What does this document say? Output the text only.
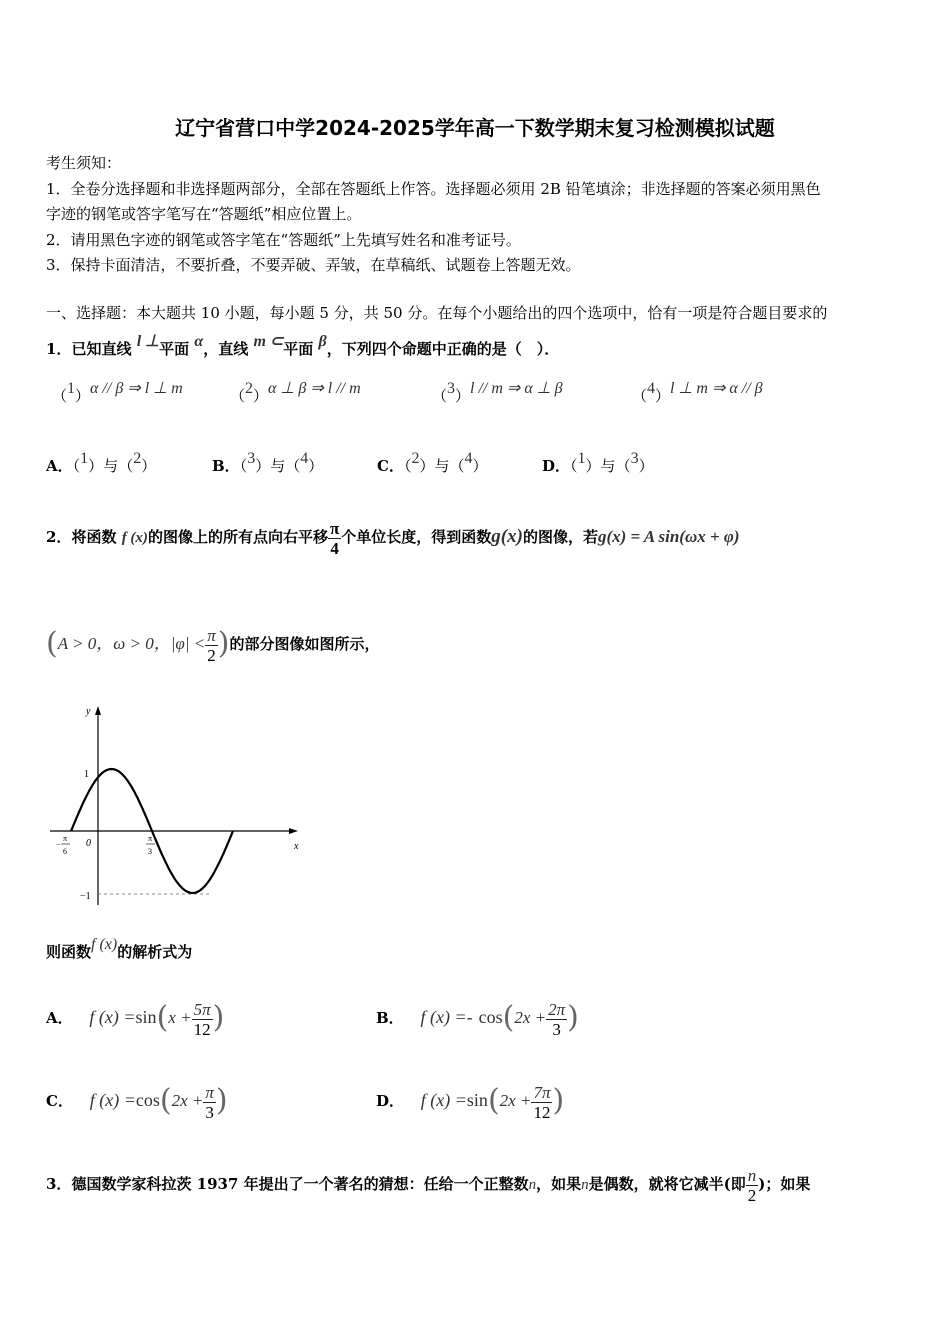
辽宁省营口中学2024-2025学年高一下数学期末复习检测模拟试题
考生须知：
1．全卷分选择题和非选择题两部分，全部在答题纸上作答。选择题必须用 2B 铅笔填涂；非选择题的答案必须用黑色
字迹的钢笔或答字笔写在“答题纸”相应位置上。
2．请用黑色字迹的钢笔或答字笔在“答题纸”上先填写姓名和准考证号。
3．保持卡面清洁，不要折叠，不要弄破、弄皱，在草稿纸、试题卷上答题无效。
一、选择题：本大题共 10 小题，每小题 5 分，共 50 分。在每个小题给出的四个选项中，恰有一项是符合题目要求的
1．已知直线 l ⊥平面 α，直线 m ⊂平面 β，下列四个命题中正确的是（　）．
（1）α // β ⇒ l ⊥ m	（2）α ⊥ β ⇒ l // m	（3）l // m ⇒ α ⊥ β	（4）l ⊥ m ⇒ α // β
A．（1）与（2）	B．（3）与（4）	C．（2）与（4）	D．（1）与（3）
2．将函数 f (x)的图像上的所有点向右平移 $\frac{\pi}{4}$ 个单位长度，得到函数g(x)的图像，若g(x) = A sin(ωx + φ)
(A > 0，ω > 0，$|\varphi| < \frac{\pi}{2}$ )的部分图像如图所示，
y
x
0
1
−1
−
π
6
π
3
则函数f (x)的解析式为
A． f $(x) =\sin(x + \frac{5\pi}{12}$ )	B． f $(x) =- \cos(2x + \frac{2\pi}{3}$ )
C． f $(x) =\cos(2x + \frac{\pi}{3}$ )	D． f $(x) =\sin(2x + \frac{7\pi}{12}$ )
3．德国数学家科拉茨 1937 年提出了一个著名的猜想：任给一个正整数n，如果n是偶数，就将它减半(即 $\frac{n}{2}$ )；如果
